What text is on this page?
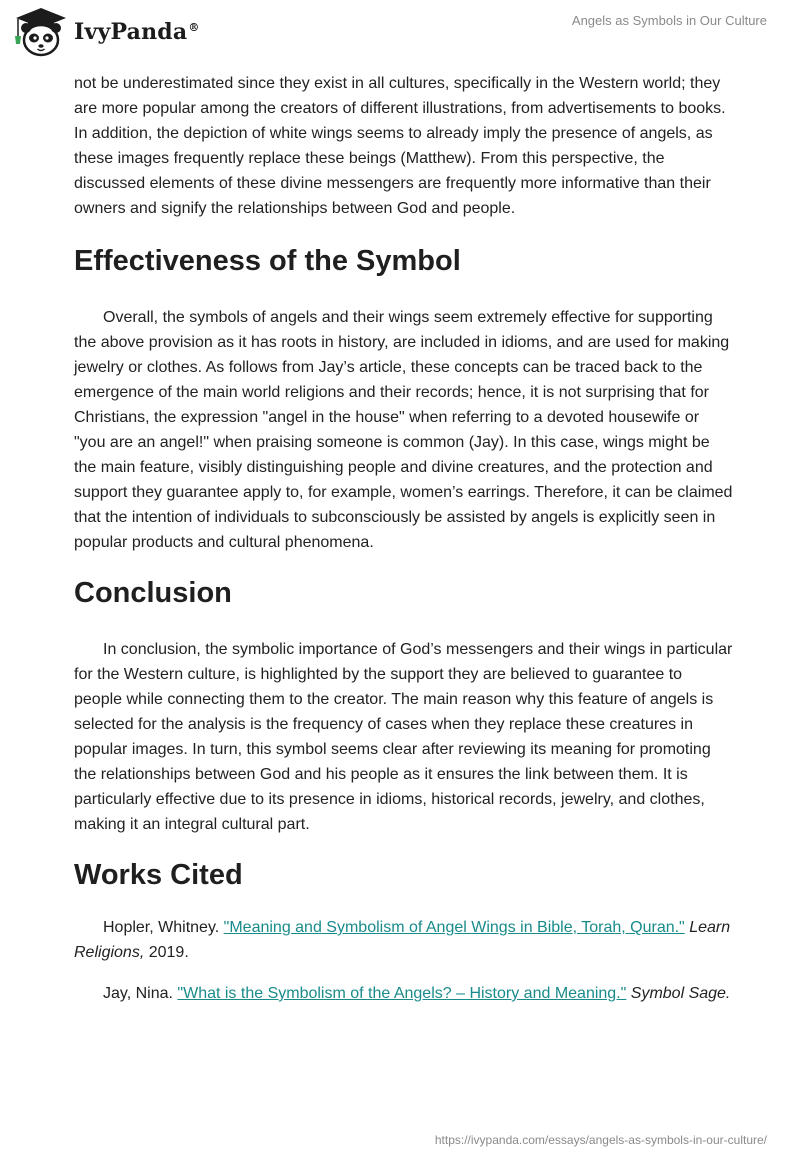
IvyPanda®	Angels as Symbols in Our Culture

not be underestimated since they exist in all cultures, specifically in the Western world; they are more popular among the creators of different illustrations, from advertisements to books. In addition, the depiction of white wings seems to already imply the presence of angels, as these images frequently replace these beings (Matthew). From this perspective, the discussed elements of these divine messengers are frequently more informative than their owners and signify the relationships between God and people.

Effectiveness of the Symbol

Overall, the symbols of angels and their wings seem extremely effective for supporting the above provision as it has roots in history, are included in idioms, and are used for making jewelry or clothes. As follows from Jay’s article, these concepts can be traced back to the emergence of the main world religions and their records; hence, it is not surprising that for Christians, the expression "angel in the house" when referring to a devoted housewife or "you are an angel!" when praising someone is common (Jay). In this case, wings might be the main feature, visibly distinguishing people and divine creatures, and the protection and support they guarantee apply to, for example, women’s earrings. Therefore, it can be claimed that the intention of individuals to subconsciously be assisted by angels is explicitly seen in popular products and cultural phenomena.

Conclusion

In conclusion, the symbolic importance of God’s messengers and their wings in particular for the Western culture, is highlighted by the support they are believed to guarantee to people while connecting them to the creator. The main reason why this feature of angels is selected for the analysis is the frequency of cases when they replace these creatures in popular images. In turn, this symbol seems clear after reviewing its meaning for promoting the relationships between God and his people as it ensures the link between them. It is particularly effective due to its presence in idioms, historical records, jewelry, and clothes, making it an integral cultural part.

Works Cited

Hopler, Whitney. "Meaning and Symbolism of Angel Wings in Bible, Torah, Quran." Learn Religions, 2019.

Jay, Nina. "What is the Symbolism of the Angels? – History and Meaning." Symbol Sage.

https://ivypanda.com/essays/angels-as-symbols-in-our-culture/
